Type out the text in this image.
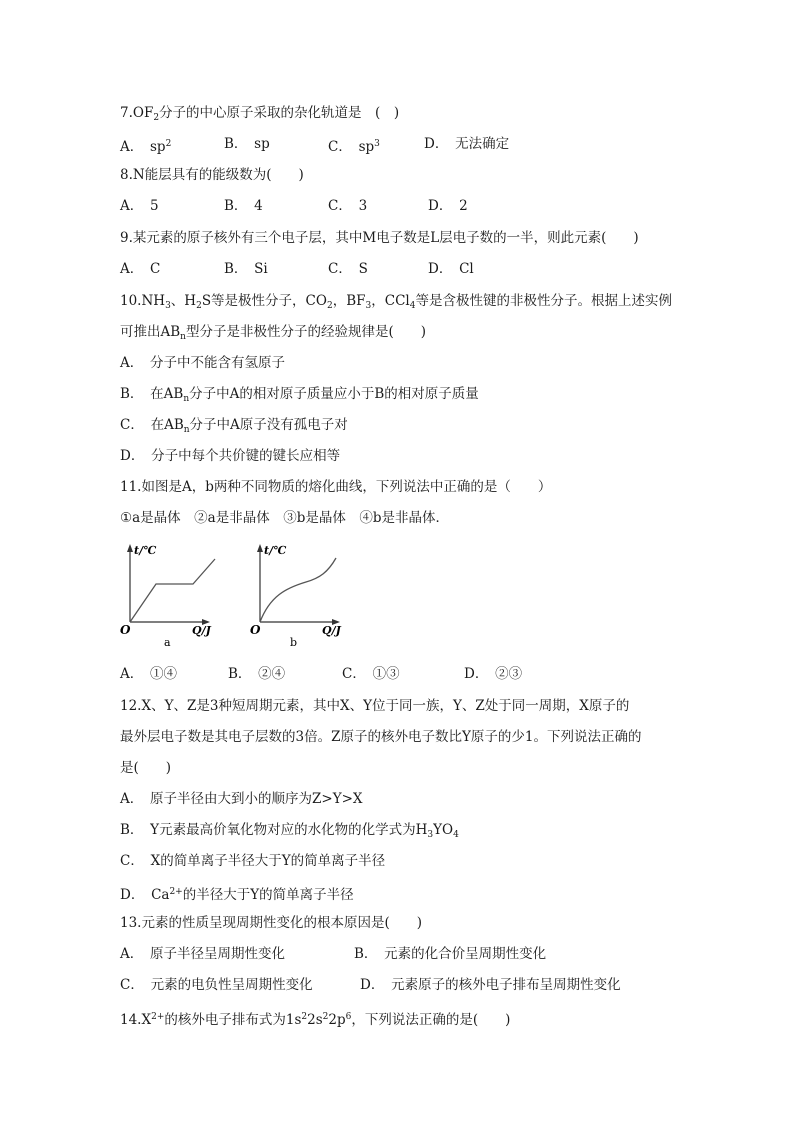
$7.OF_2$分子的中心原子采取的杂化轨道是　(　)
A．　$sp^2$	B．　sp	C．　$sp^3$	D．　无法确定
8.N能层具有的能级数为(　　)
A．　5	B．　4	C．　3	D．　2
9.某元素的原子核外有三个电子层，其中M电子数是L层电子数的一半，则此元素(　　)
A．　C	B．　Si	C．　S	D．　Cl
$10.NH_3$、$H_2S$等是极性分子，$CO_2$，$BF_3$，CCl$_4$等是含极性键的非极性分子。根据上述实例
可推出$AB_n$型分子是非极性分子的经验规律是(　　)
A．　分子中不能含有氢原子
B．　在$AB_n$分子中A的相对原子质量应小于B的相对原子质量
C．　在$AB_n$分子中A原子没有孤电子对
D．　分子中每个共价键的键长应相等
11.如图是A，b两种不同物质的熔化曲线，下列说法中正确的是（　　）
①a是晶体　②a是非晶体　③b是晶体　④b是非晶体．
t/℃
Q/J
O
a
t/℃
Q/J
O
b
A．　①④	B．　②④	C．　①③	D．　②③
12.X、Y、Z是3种短周期元素，其中X、Y位于同一族，Y、Z处于同一周期，X原子的
最外层电子数是其电子层数的3倍。Z原子的核外电子数比Y原子的少1。下列说法正确的
是(　　)
A．　原子半径由大到小的顺序为Z>Y>X
B．　Y元素最高价氧化物对应的水化物的化学式为$H_3YO_4$
C．　X的简单离子半径大于Y的简单离子半径
D．　$Ca^{2+}$的半径大于Y的简单离子半径
13.元素的性质呈现周期性变化的根本原因是(　　)
A．　原子半径呈周期性变化	B．　元素的化合价呈周期性变化
C．　元素的电负性呈周期性变化	D．　元素原子的核外电子排布呈周期性变化
$14.X^{2+}$的核外电子排布式为$1s^22s^22p^6$，下列说法正确的是(　　)
